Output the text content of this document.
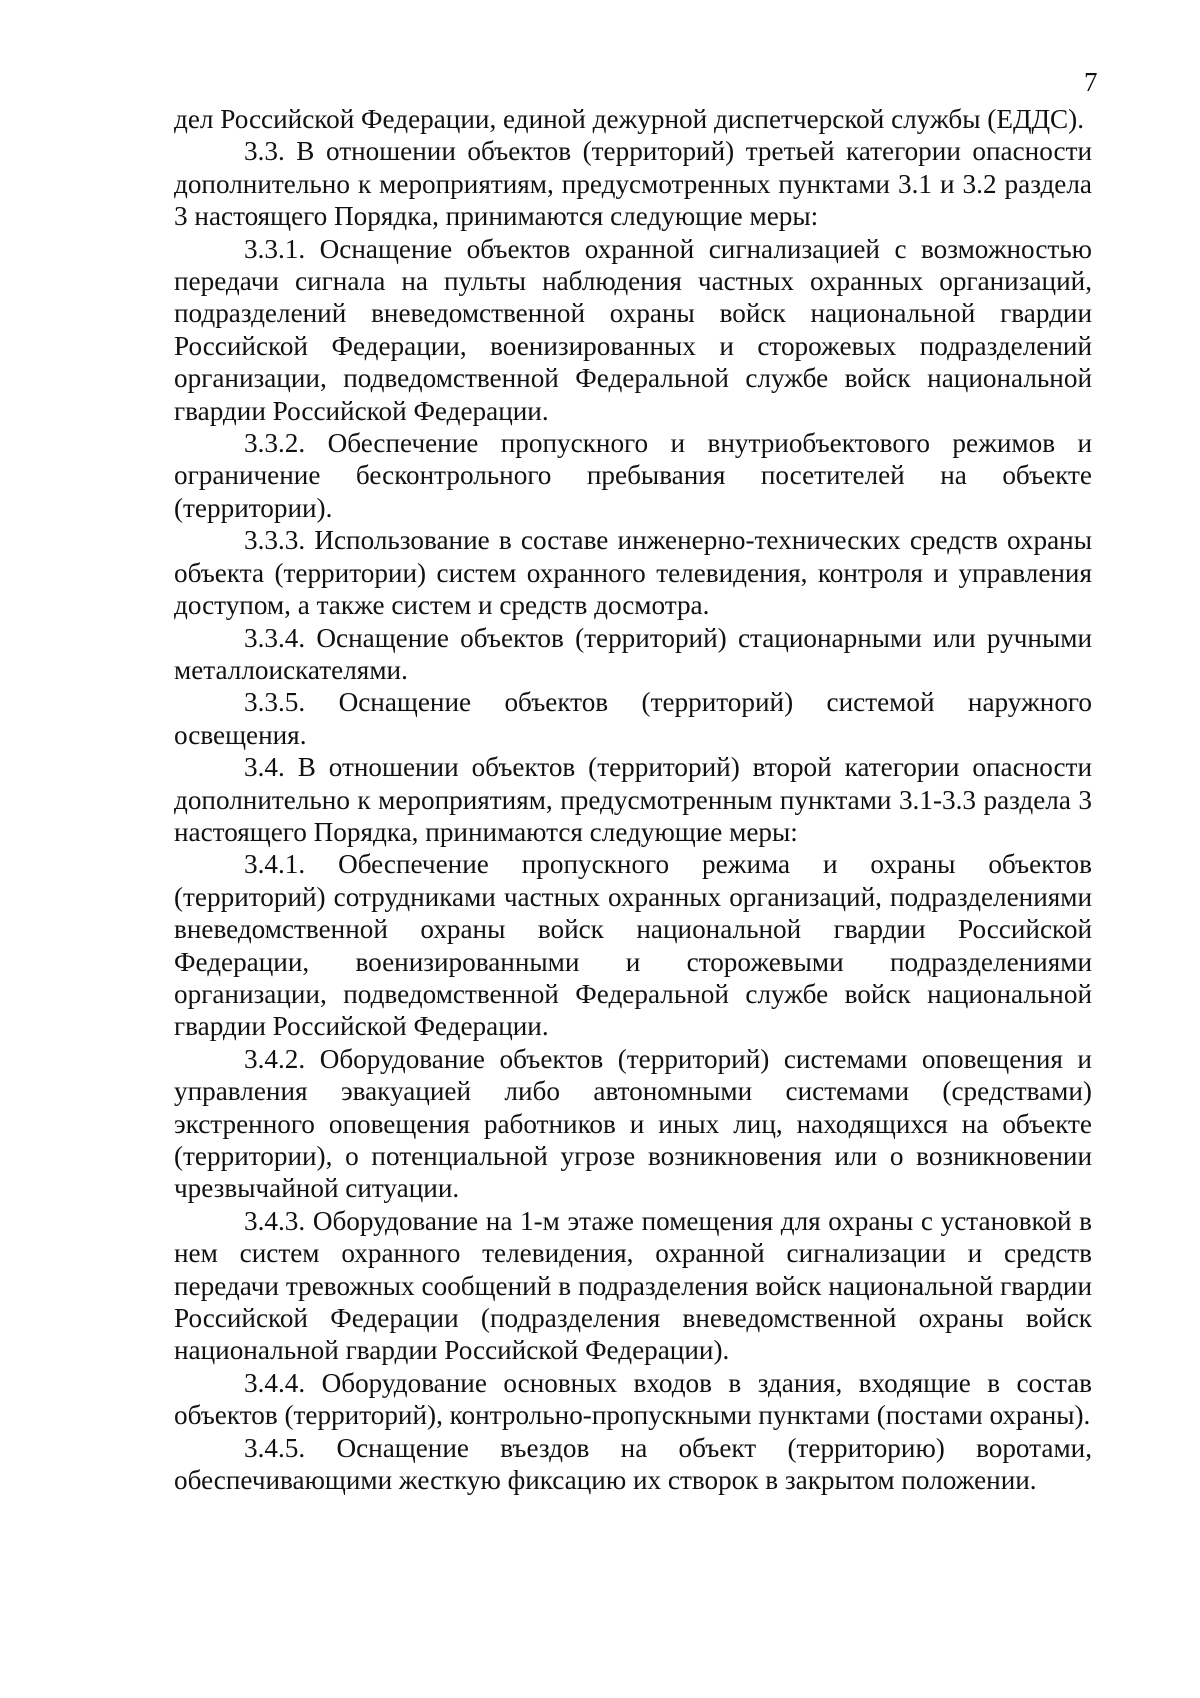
7

дел Российской Федерации, единой дежурной диспетчерской службы (ЕДДС).

3.3. В отношении объектов (территорий) третьей категории опасности дополнительно к мероприятиям, предусмотренных пунктами 3.1 и 3.2 раздела 3 настоящего Порядка, принимаются следующие меры:

3.3.1. Оснащение объектов охранной сигнализацией с возможностью передачи сигнала на пульты наблюдения частных охранных организаций, подразделений вневедомственной охраны войск национальной гвардии Российской Федерации, военизированных и сторожевых подразделений организации, подведомственной Федеральной службе войск национальной гвардии Российской Федерации.

3.3.2. Обеспечение пропускного и внутриобъектового режимов и ограничение бесконтрольного пребывания посетителей на объекте (территории).

3.3.3. Использование в составе инженерно-технических средств охраны объекта (территории) систем охранного телевидения, контроля и управления доступом, а также систем и средств досмотра.

3.3.4. Оснащение объектов (территорий) стационарными или ручными металлоискателями.

3.3.5. Оснащение объектов (территорий) системой наружного освещения.

3.4. В отношении объектов (территорий) второй категории опасности дополнительно к мероприятиям, предусмотренным пунктами 3.1-3.3 раздела 3 настоящего Порядка, принимаются следующие меры:

3.4.1. Обеспечение пропускного режима и охраны объектов (территорий) сотрудниками частных охранных организаций, подразделениями вневедомственной охраны войск национальной гвардии Российской Федерации, военизированными и сторожевыми подразделениями организации, подведомственной Федеральной службе войск национальной гвардии Российской Федерации.

3.4.2. Оборудование объектов (территорий) системами оповещения и управления эвакуацией либо автономными системами (средствами) экстренного оповещения работников и иных лиц, находящихся на объекте (территории), о потенциальной угрозе возникновения или о возникновении чрезвычайной ситуации.

3.4.3. Оборудование на 1-м этаже помещения для охраны с установкой в нем систем охранного телевидения, охранной сигнализации и средств передачи тревожных сообщений в подразделения войск национальной гвардии Российской Федерации (подразделения вневедомственной охраны войск национальной гвардии Российской Федерации).

3.4.4. Оборудование основных входов в здания, входящие в состав объектов (территорий), контрольно-пропускными пунктами (постами охраны).

3.4.5. Оснащение въездов на объект (территорию) воротами, обеспечивающими жесткую фиксацию их створок в закрытом положении.
